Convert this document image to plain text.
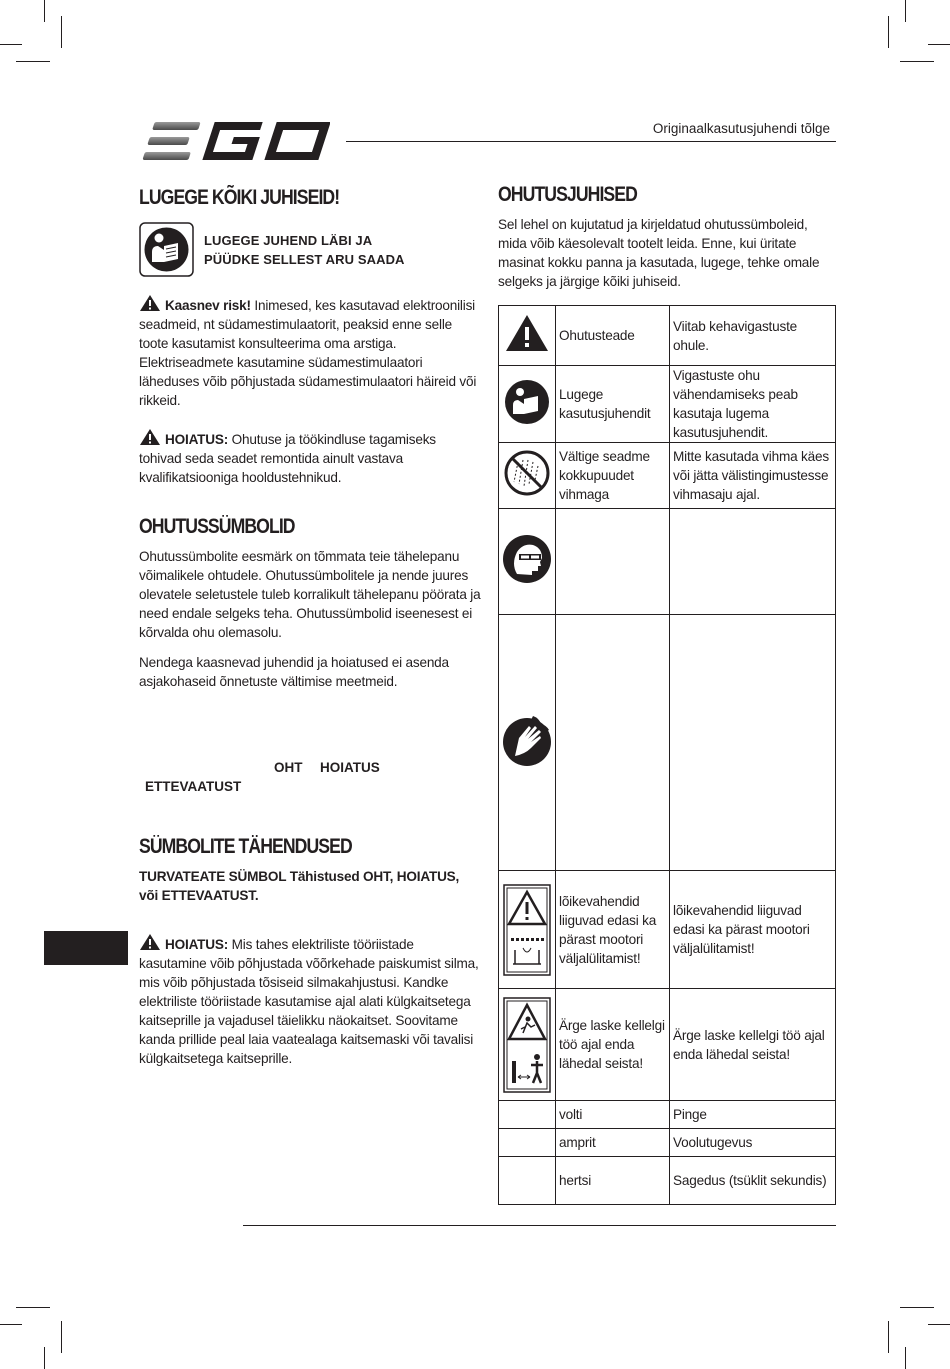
Originaalkasutusjuhendi tõlge
LUGEGE KÕIKI JUHISEID!
LUGEGE JUHEND LÄBI JA
PÜÜDKE SELLEST ARU SAADA

Kaasnev risk! Inimesed, kes kasutavad elektroonilisi seadmeid, nt südamestimulaatorit, peaksid enne selle toote kasutamist konsulteerima oma arstiga. Elektriseadmete kasutamine südamestimulaatori läheduses võib põhjustada südamestimulaatori häireid või rikkeid.

HOIATUS: Ohutuse ja töökindluse tagamiseks tohivad seda seadet remontida ainult vastava kvalifikatsiooniga hooldustehnikud.

OHUTUSSÜMBOLID

Ohutussümbolite eesmärk on tõmmata teie tähelepanu võimalikele ohtudele. Ohutussümbolitele ja nende juures olevatele seletustele tuleb korralikult tähelepanu pöörata ja need endale selgeks teha. Ohutussümbolid iseenesest ei kõrvalda ohu olemasolu.

Nendega kaasnevad juhendid ja hoiatused ei asenda asjakohaseid õnnetuste vältimise meetmeid.

OHT HOIATUS
ETTEVAATUST
SÜMBOLITE TÄHENDUSED

TURVATEATE SÜMBOL Tähistused OHT, HOIATUS, või ETTEVAATUST.

HOIATUS: Mis tahes elektriliste tööriistade kasutamine võib põhjustada võõrkehade paiskumist silma, mis võib põhjustada tõsiseid silmakahjustusi. Kandke elektriliste tööriistade kasutamise ajal alati külgkaitsetega kaitseprille ja vajadusel täielikku näokaitset. Soovitame kanda prillide peal laia vaatealaga kaitsemaski või tavalisi külgkaitsetega kaitseprille.

OHUTUSJUHISED

Sel lehel on kujutatud ja kirjeldatud ohutussümboleid, mida võib käesolevalt tootelt leida. Enne, kui üritate masinat kokku panna ja kasutada, lugege, tehke omale selgeks ja järgige kõiki juhiseid.

	Ohutusteade	Viitab kehavigastuste ohule.
	Lugege kasutusjuhendit	Vigastuste ohu vähendamiseks peab kasutaja lugema kasutusjuhendit.
	Vältige seadme kokkupuudet vihmaga	Mitte kasutada vihma käes või jätta välistingimustesse vihmasaju ajal.

	lõikevahendid liiguvad edasi ka pärast mootori väljalülitamist!	lõikevahendid liiguvad edasi ka pärast mootori väljalülitamist!

	Ärge laske kellelgi töö ajal enda lähedal seista!	Ärge laske kellelgi töö ajal enda lähedal seista!
	volti	Pinge
	amprit	Voolutugevus
	hertsi	Sagedus (tsüklit sekundis)
